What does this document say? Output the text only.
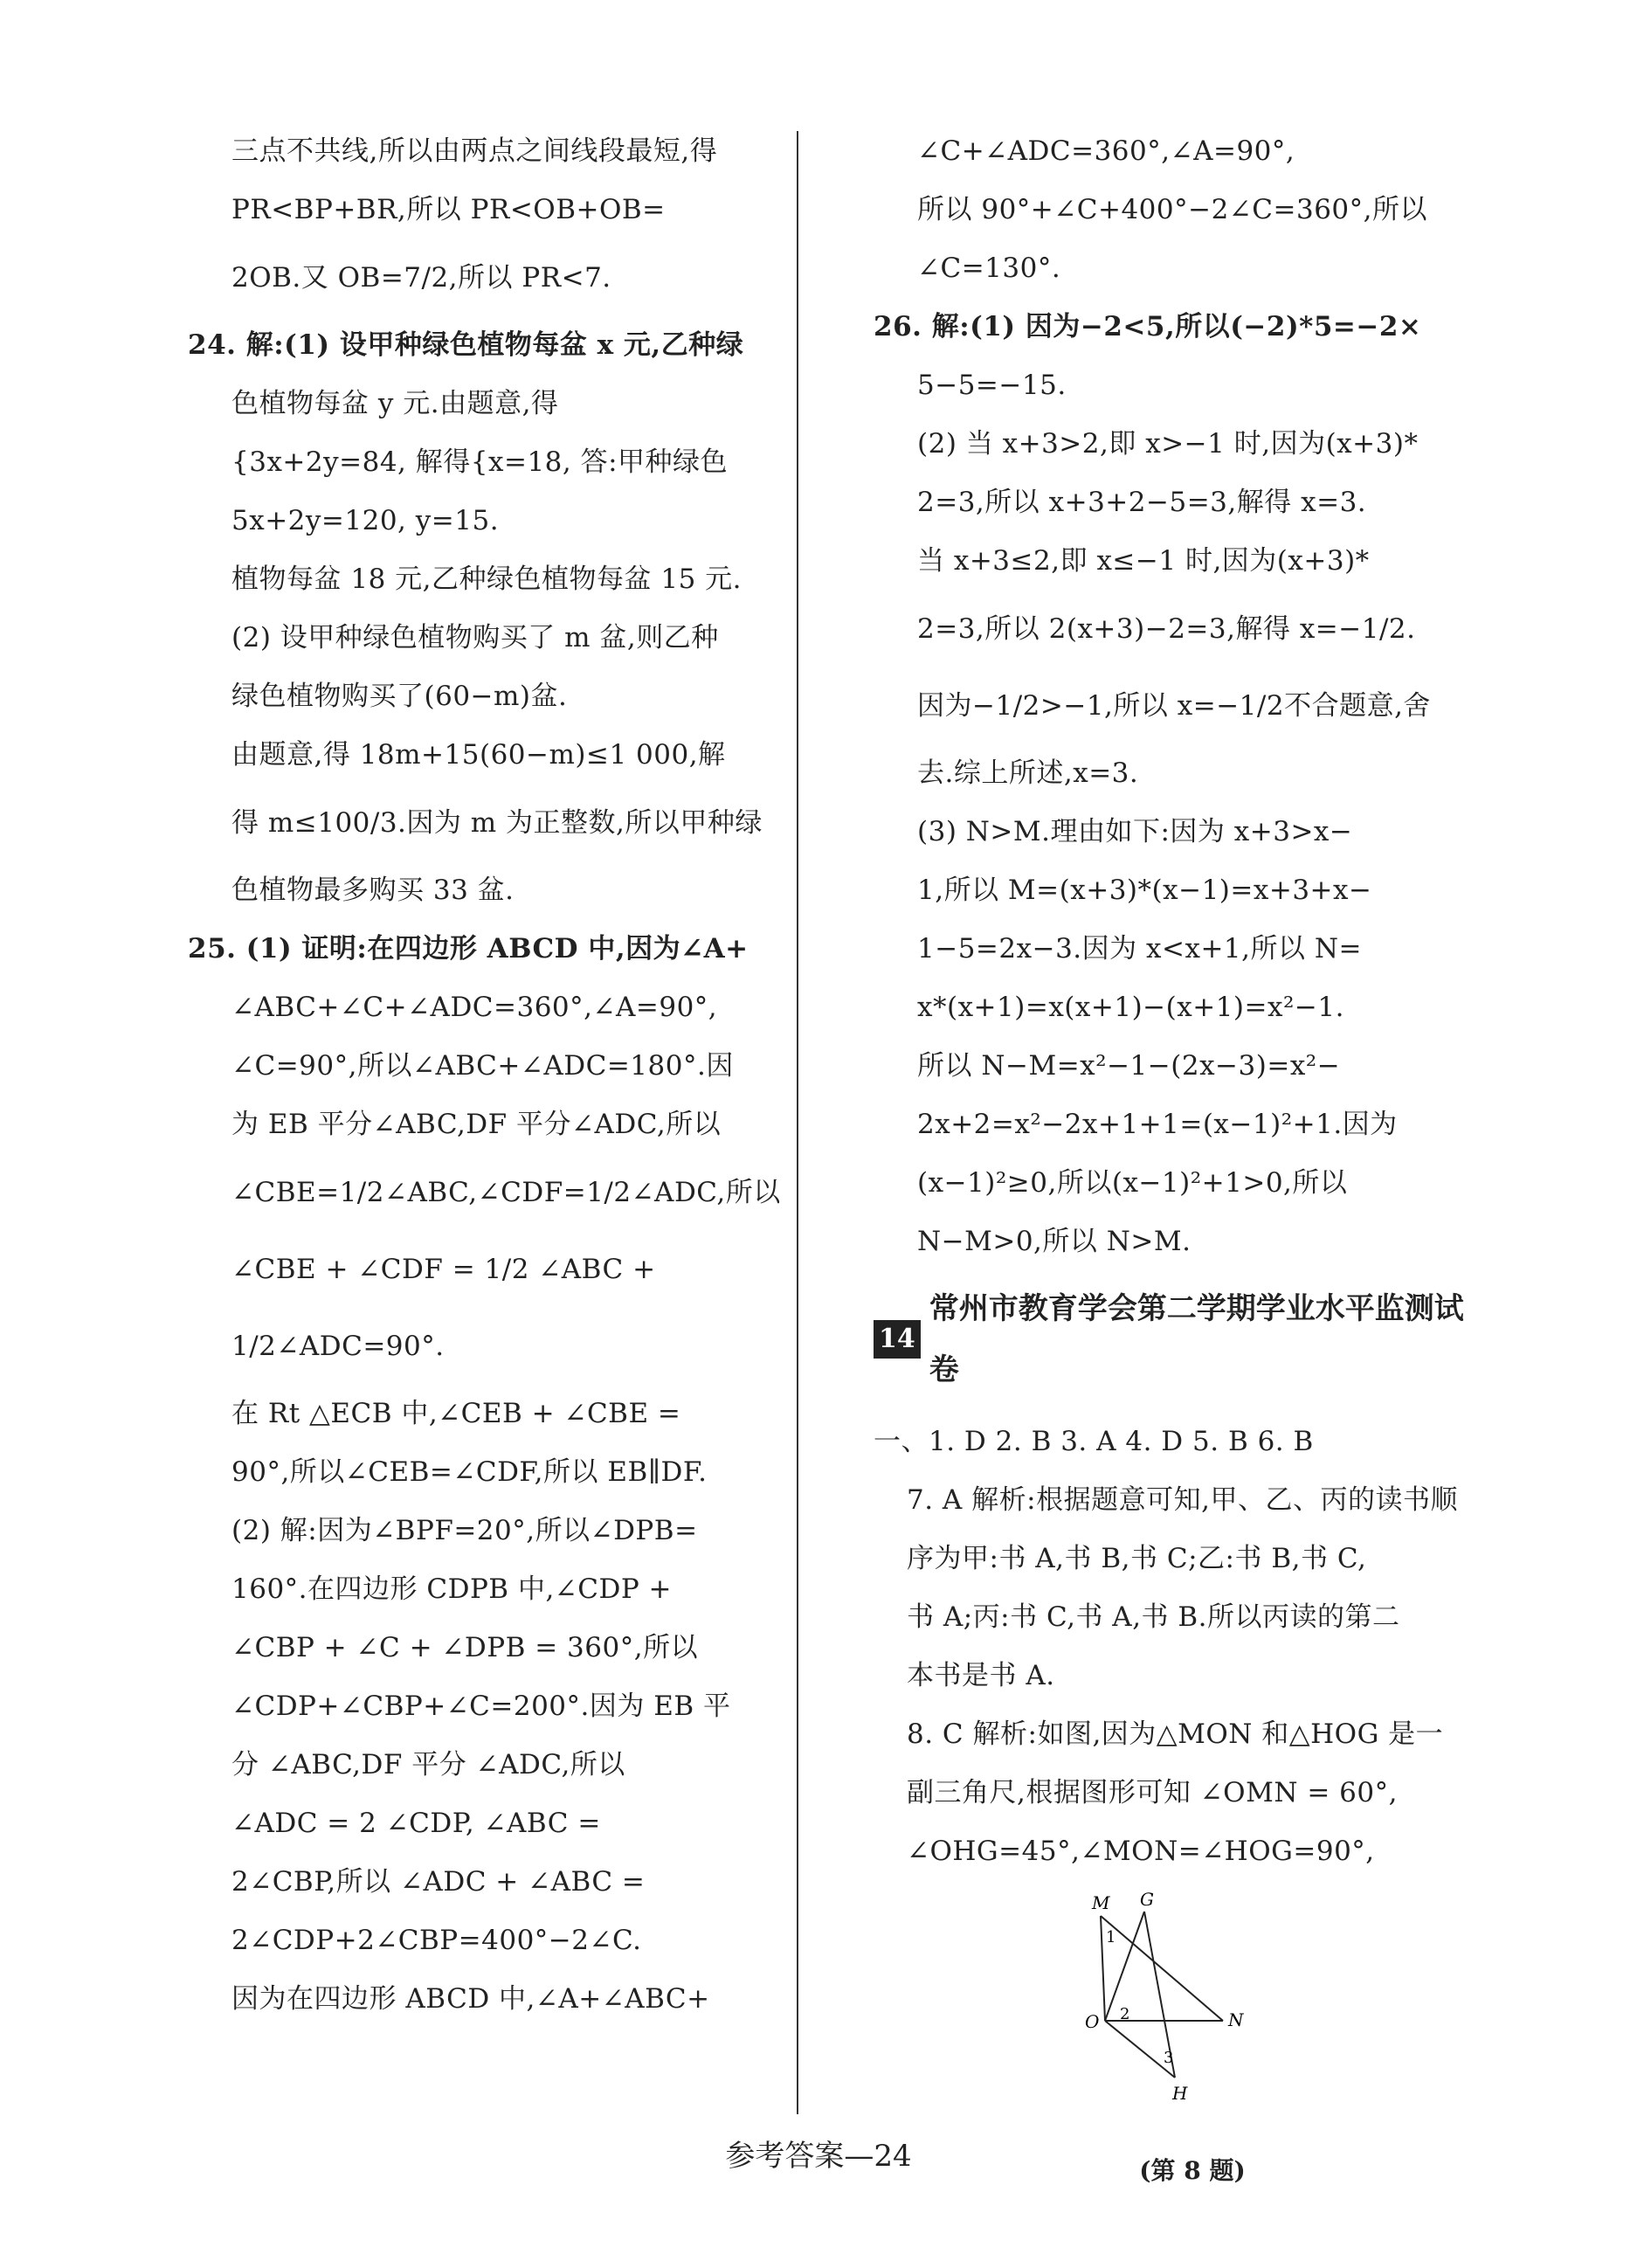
三点不共线,所以由两点之间线段最短,得
PR<BP+BR,所以 PR<OB+OB=
2OB.又 OB=7/2,所以 PR<7.
24. 解:(1) 设甲种绿色植物每盆 x 元,乙种绿
色植物每盆 y 元.由题意,得
{3x+2y=84, 解得{x=18, 答:甲种绿色
5x+2y=120, y=15.
植物每盆 18 元,乙种绿色植物每盆 15 元.
(2) 设甲种绿色植物购买了 m 盆,则乙种
绿色植物购买了(60−m)盆.
由题意,得 18m+15(60−m)≤1 000,解
得 m≤100/3.因为 m 为正整数,所以甲种绿
色植物最多购买 33 盆.
25. (1) 证明:在四边形 ABCD 中,因为∠A+
∠ABC+∠C+∠ADC=360°,∠A=90°,
∠C=90°,所以∠ABC+∠ADC=180°.因
为 EB 平分∠ABC,DF 平分∠ADC,所以
∠CBE=1/2∠ABC,∠CDF=1/2∠ADC,所以
∠CBE + ∠CDF = 1/2 ∠ABC +
1/2∠ADC=90°.
在 Rt △ECB 中,∠CEB + ∠CBE =
90°,所以∠CEB=∠CDF,所以 EB∥DF.
(2) 解:因为∠BPF=20°,所以∠DPB=
160°.在四边形 CDPB 中,∠CDP +
∠CBP + ∠C + ∠DPB = 360°,所以
∠CDP+∠CBP+∠C=200°.因为 EB 平
分 ∠ABC,DF 平分 ∠ADC,所以
∠ADC = 2 ∠CDP, ∠ABC =
2∠CBP,所以 ∠ADC + ∠ABC =
2∠CDP+2∠CBP=400°−2∠C.
因为在四边形 ABCD 中,∠A+∠ABC+
∠C+∠ADC=360°,∠A=90°,
所以 90°+∠C+400°−2∠C=360°,所以
∠C=130°.
26. 解:(1) 因为−2<5,所以(−2)*5=−2×
5−5=−15.
(2) 当 x+3>2,即 x>−1 时,因为(x+3)*
2=3,所以 x+3+2−5=3,解得 x=3.
当 x+3≤2,即 x≤−1 时,因为(x+3)*
2=3,所以 2(x+3)−2=3,解得 x=−1/2.
因为−1/2>−1,所以 x=−1/2不合题意,舍
去.综上所述,x=3.
(3) N>M.理由如下:因为 x+3>x−
1,所以 M=(x+3)*(x−1)=x+3+x−
1−5=2x−3.因为 x<x+1,所以 N=
x*(x+1)=x(x+1)−(x+1)=x²−1.
所以 N−M=x²−1−(2x−3)=x²−
2x+2=x²−2x+1+1=(x−1)²+1.因为
(x−1)²≥0,所以(x−1)²+1>0,所以
N−M>0,所以 N>M.
14
常州市教育学会第二学期学业水平监测试卷
一、1. D 2. B 3. A 4. D 5. B 6. B
7. A 解析:根据题意可知,甲、乙、丙的读书顺
序为甲:书 A,书 B,书 C;乙:书 B,书 C,
书 A;丙:书 C,书 A,书 B.所以丙读的第二
本书是书 A.
8. C 解析:如图,因为△MON 和△HOG 是一
副三角尺,根据图形可知 ∠OMN = 60°,
∠OHG=45°,∠MON=∠HOG=90°,
M G
O	N
H
1
2
3
(第 8 题)
参考答案—24
